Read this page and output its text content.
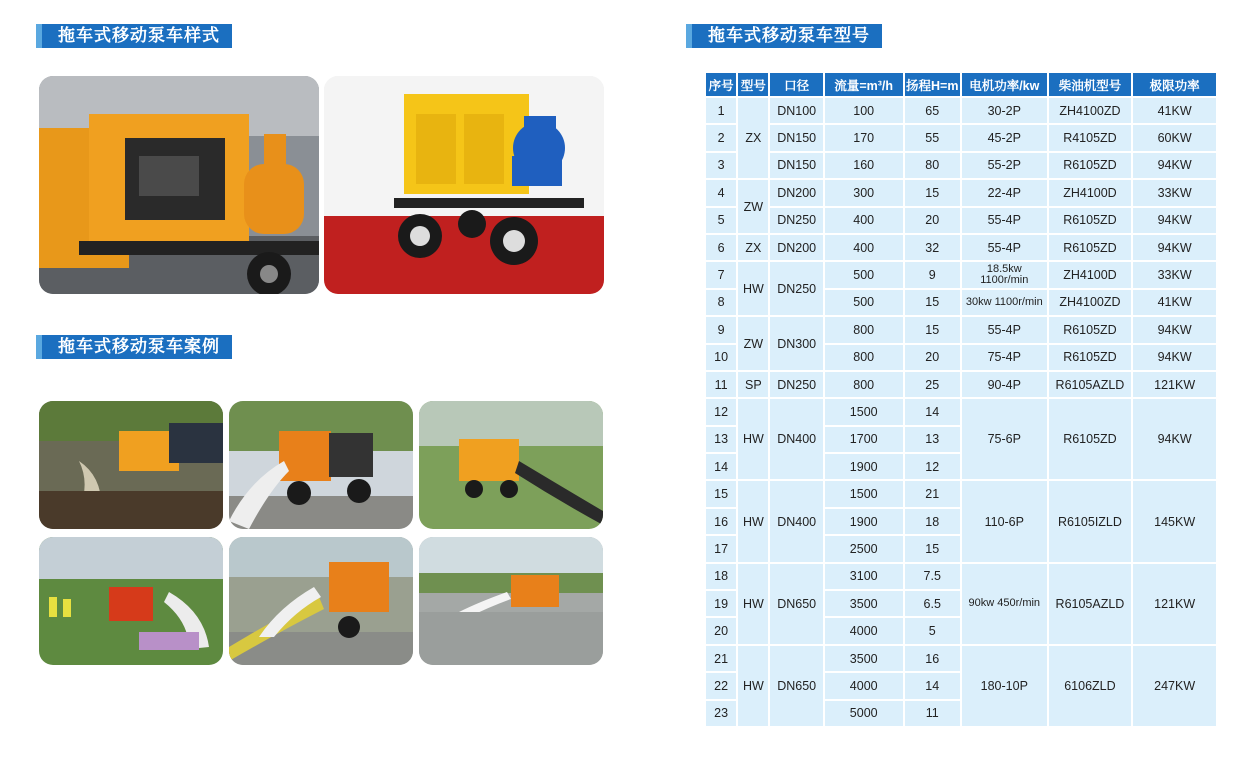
拖车式移动泵车样式
拖车式移动泵车案例
拖车式移动泵车型号
序号	型号	口径	流量=m³/h	扬程H=m	电机功率/kw	柴油机型号	极限功率
1	ZX	DN100	100	65	30-2P	ZH4100ZD	41KW
2		DN150	170	55	45-2P	R4105ZD	60KW
3		DN150	160	80	55-2P	R6105ZD	94KW
4	ZW	DN200	300	15	22-4P	ZH4100D	33KW
5		DN250	400	20	55-4P	R6105ZD	94KW
6	ZX	DN200	400	32	55-4P	R6105ZD	94KW
7	HW	DN250	500	9	18.5kw 1100r/min	ZH4100D	33KW
8			500	15	30kw 1100r/min	ZH4100ZD	41KW
9	ZW	DN300	800	15	55-4P	R6105ZD	94KW
10			800	20	75-4P	R6105ZD	94KW
11	SP	DN250	800	25	90-4P	R6105AZLD	121KW
12	HW	DN400	1500	14	75-6P	R6105ZD	94KW
13			1700	13			
14			1900	12			
15	HW	DN400	1500	21	110-6P	R6105IZLD	145KW
16			1900	18			
17			2500	15			
18	HW	DN650	3100	7.5	90kw 450r/min	R6105AZLD	121KW
19			3500	6.5			
20			4000	5			
21	HW	DN650	3500	16	180-10P	6106ZLD	247KW
22			4000	14			
23			5000	11			
